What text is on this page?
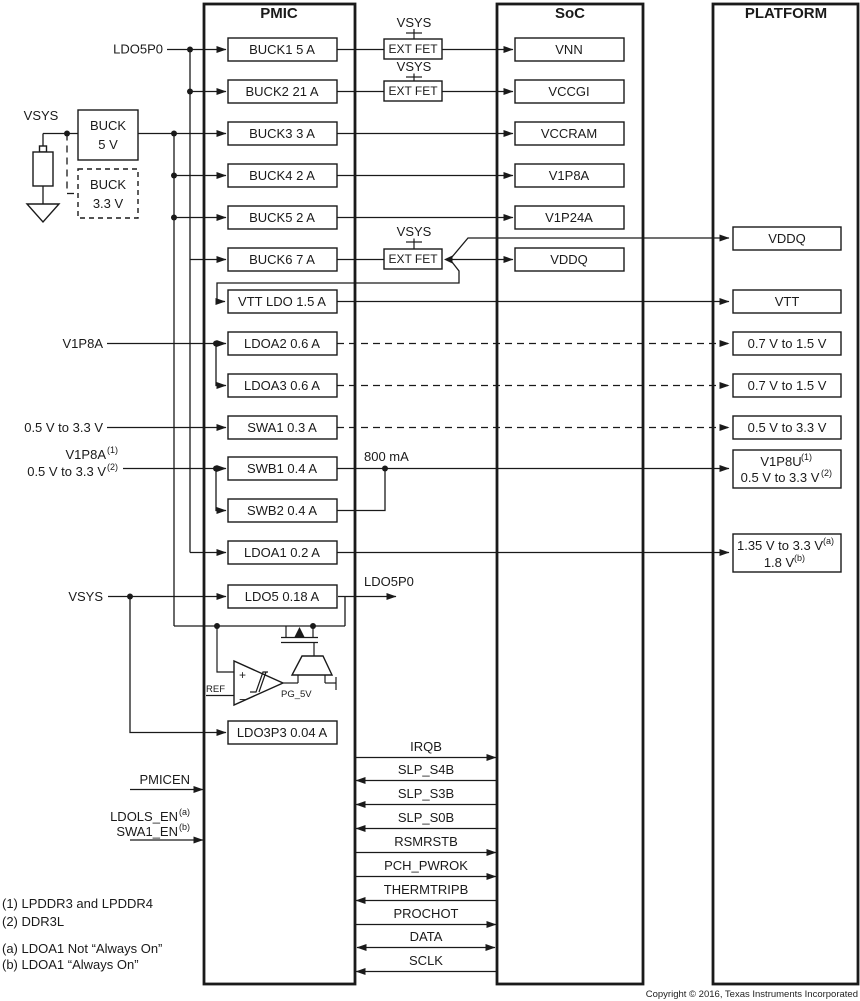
PMIC	SoC	PLATFORM
BUCK
5 V
BUCK
3.3 V
BUCK1 5 A
BUCK2 21 A
BUCK3 3 A
BUCK4 2 A
BUCK5 2 A
BUCK6 7 A
VTT LDO 1.5 A
LDOA2 0.6 A
LDOA3 0.6 A
SWA1 0.3 A
SWB1 0.4 A
SWB2 0.4 A
LDOA1 0.2 A
LDO5 0.18 A
LDO3P3 0.04 A
VSYS
EXT FET
VSYS
EXT FET
VSYS
EXT FET
VNN
VCCGI
VCCRAM
V1P8A
V1P24A
VDDQ
VDDQ
VTT
0.7 V to 1.5 V
0.7 V to 1.5 V
0.5 V to 3.3 V
V1P8U (1)
0.5 V to 3.3 V (2)
1.35 V to 3.3 V (a)
1.8 V (b)
+
−
REF	PG_5V
LDO5P0
VSYS
V1P8A
0.5 V to 3.3 V
V1P8A (1)
0.5 V to 3.3 V (2)
VSYS
PMICEN
LDOLS_EN (a)
SWA1_EN (b)
LDO5P0
800 mA
IRQB
SLP_S4B
SLP_S3B
SLP_S0B
RSMRSTB
PCH_PWROK
THERMTRIPB
PROCHOT
DATA
SCLK
(1) LPDDR3 and LPDDR4
(2) DDR3L
(a) LDOA1 Not “Always On”
(b) LDOA1 “Always On”
Copyright © 2016, Texas Instruments Incorporated
